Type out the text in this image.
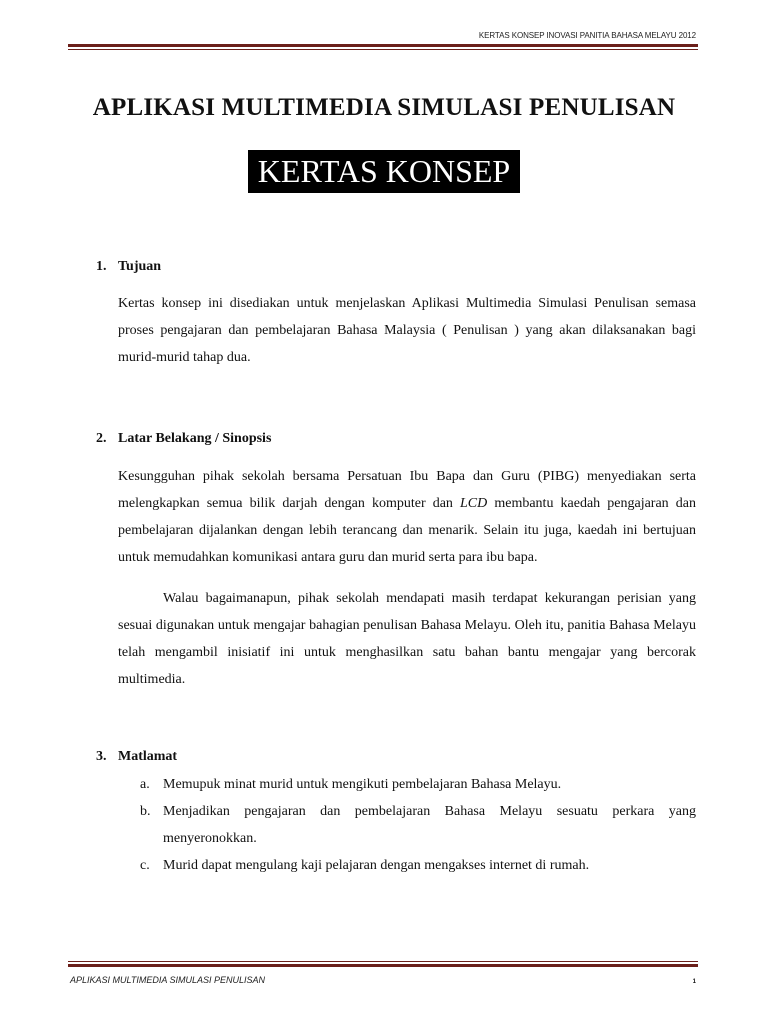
KERTAS KONSEP INOVASI PANITIA BAHASA MELAYU 2012
APLIKASI MULTIMEDIA SIMULASI PENULISAN
KERTAS KONSEP
1. Tujuan

Kertas konsep ini disediakan untuk menjelaskan Aplikasi Multimedia Simulasi Penulisan semasa proses pengajaran dan pembelajaran Bahasa Malaysia ( Penulisan ) yang akan dilaksanakan bagi murid-murid tahap dua.

2. Latar Belakang / Sinopsis

Kesungguhan pihak sekolah bersama Persatuan Ibu Bapa dan Guru (PIBG) menyediakan serta melengkapkan semua bilik darjah dengan komputer dan LCD membantu kaedah pengajaran dan pembelajaran dijalankan dengan lebih terancang dan menarik. Selain itu juga, kaedah ini bertujuan untuk memudahkan komunikasi antara guru dan murid serta para ibu bapa.

Walau bagaimanapun, pihak sekolah mendapati masih terdapat kekurangan perisian yang sesuai digunakan untuk mengajar bahagian penulisan Bahasa Melayu. Oleh itu, panitia Bahasa Melayu telah mengambil inisiatif ini untuk menghasilkan satu bahan bantu mengajar yang bercorak multimedia.

3. Matlamat
a. Memupuk minat murid untuk mengikuti pembelajaran Bahasa Melayu.
b. Menjadikan pengajaran dan pembelajaran Bahasa Melayu sesuatu perkara yang menyeronokkan.
c. Murid dapat mengulang kaji pelajaran dengan mengakses internet di rumah.
APLIKASI MULTIMEDIA SIMULASI PENULISAN	1
